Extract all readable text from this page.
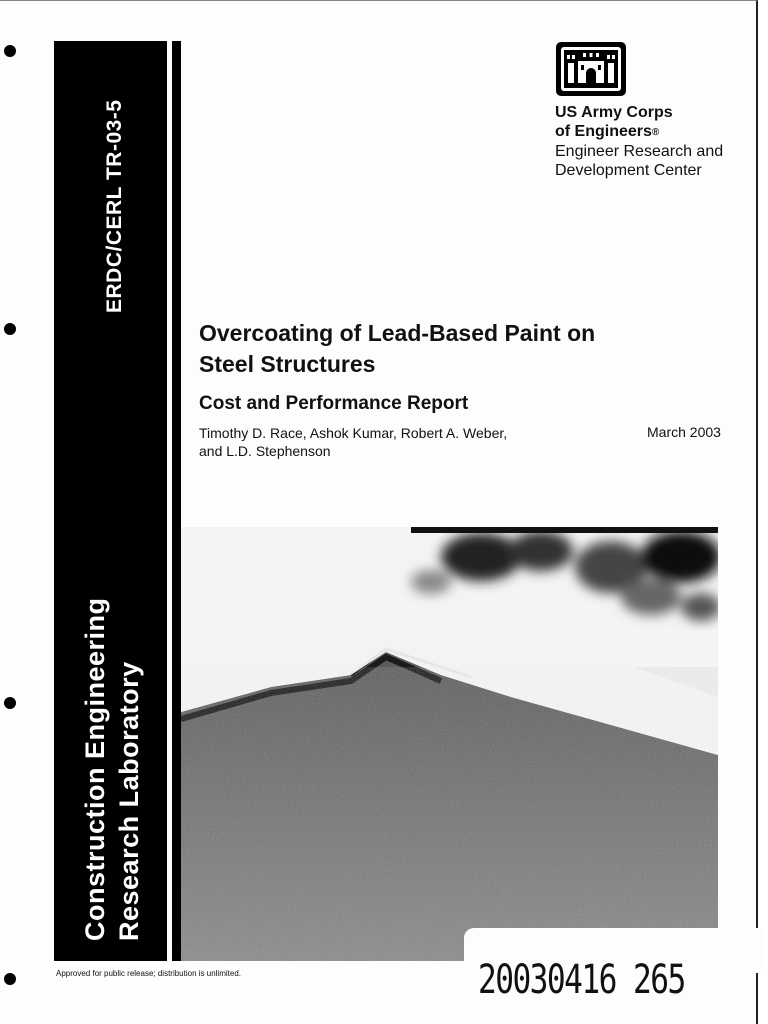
ERDC/CERL TR-03-5
Construction Engineering Research Laboratory
US Army Corps
of Engineers®
Engineer Research and
Development Center
Overcoating of Lead-Based Paint on
Steel Structures
Cost and Performance Report
Timothy D. Race, Ashok Kumar, Robert A. Weber,
and L.D. Stephenson
March 2003
Approved for public release; distribution is unlimited.	20030416 265
